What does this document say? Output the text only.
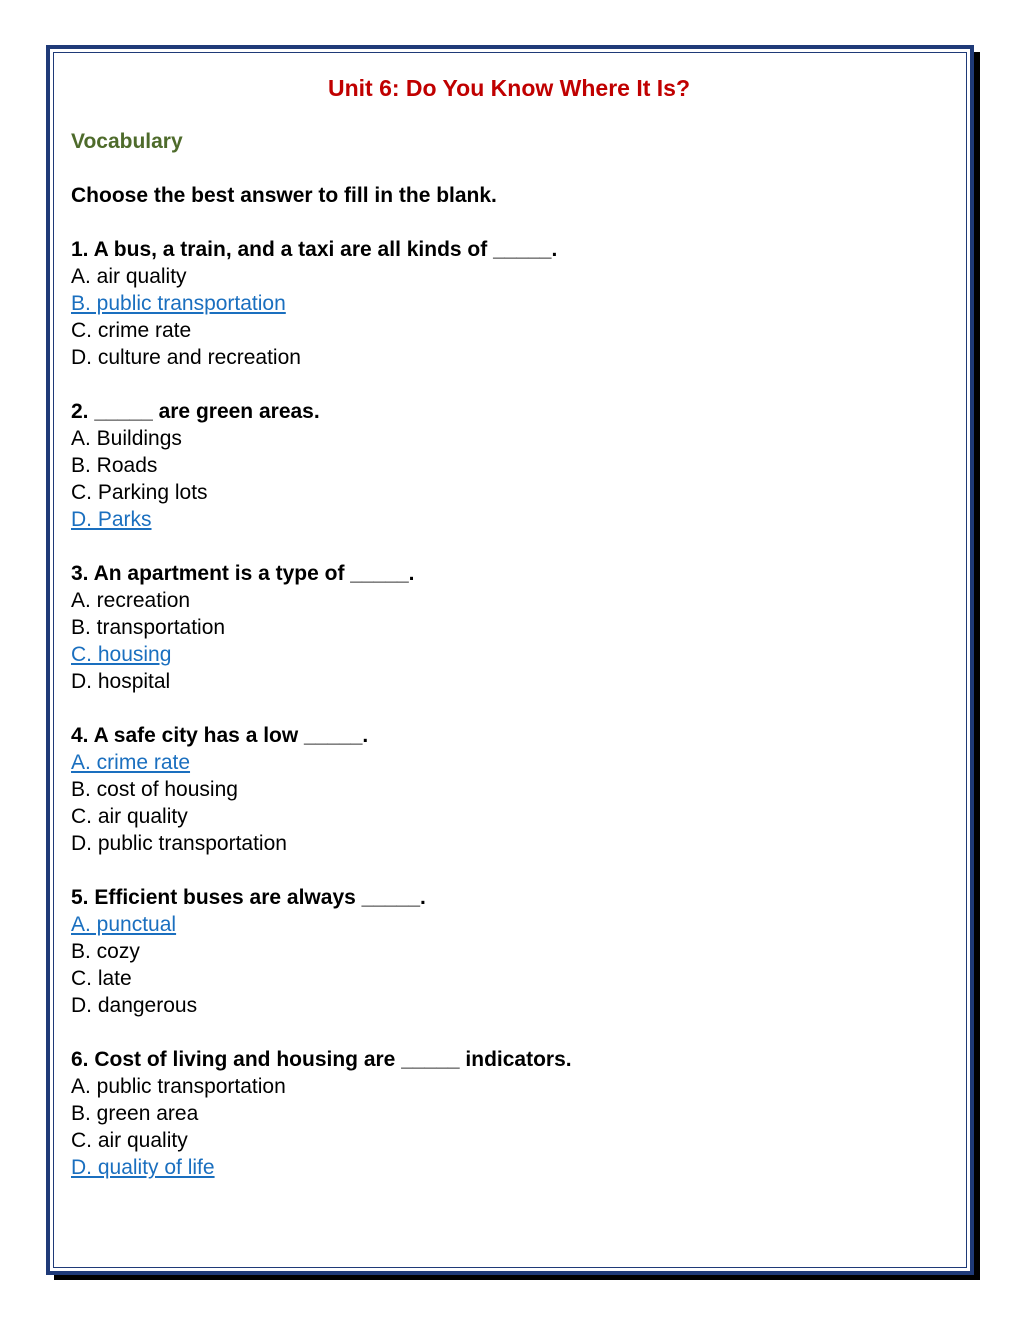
Unit 6: Do You Know Where It Is?
Vocabulary
Choose the best answer to fill in the blank.
1. A bus, a train, and a taxi are all kinds of _____.
A. air quality
B. public transportation
C. crime rate
D. culture and recreation
2. _____ are green areas.
A. Buildings
B. Roads
C. Parking lots
D. Parks
3. An apartment is a type of _____.
A. recreation
B. transportation
C. housing
D. hospital
4. A safe city has a low _____.
A. crime rate
B. cost of housing
C. air quality
D. public transportation
5. Efficient buses are always _____.
A. punctual
B. cozy
C. late
D. dangerous
6. Cost of living and housing are _____ indicators.
A. public transportation
B. green area
C. air quality
D. quality of life
